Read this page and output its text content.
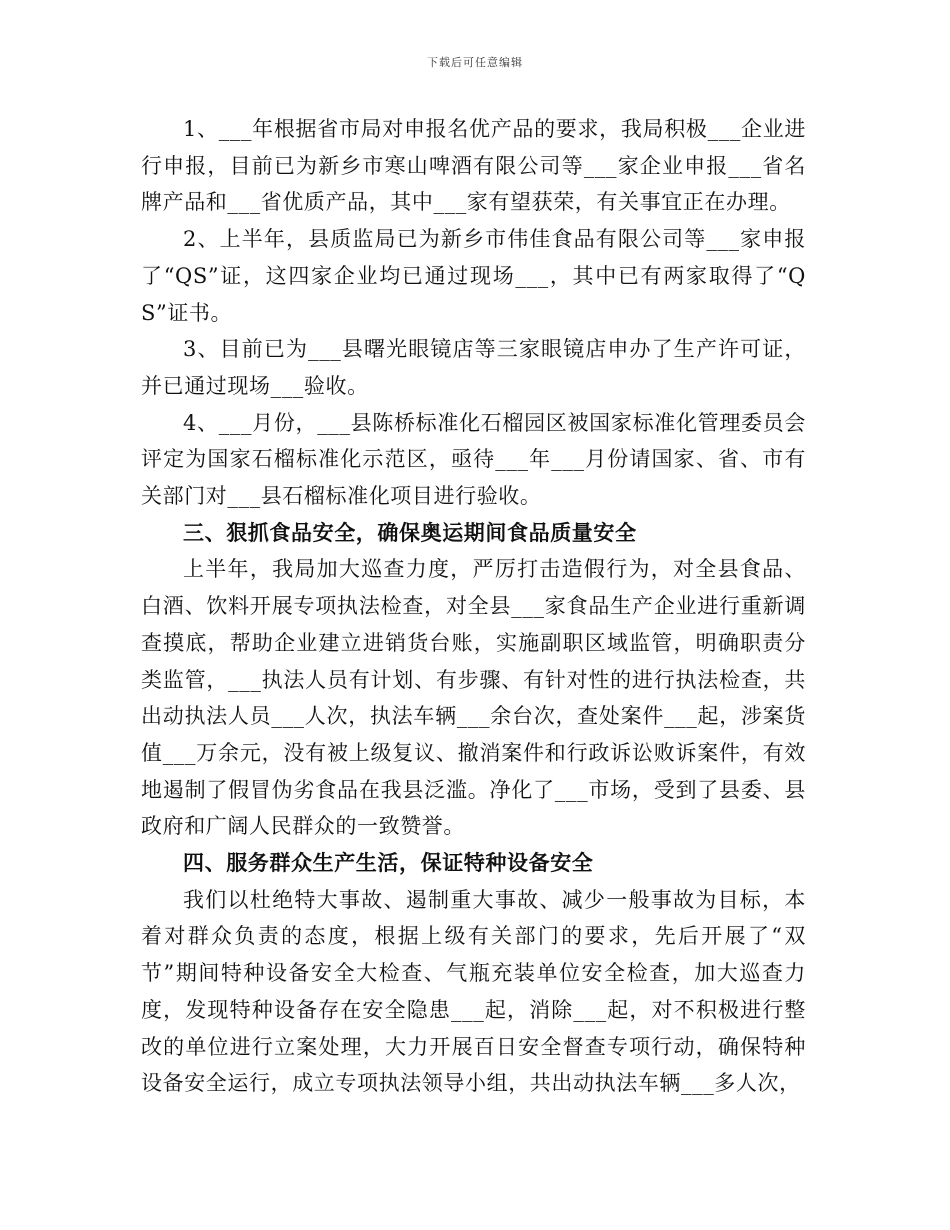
下载后可任意编辑

1、___年根据省市局对申报名优产品的要求，我局积极___企业进行申报，目前已为新乡市寒山啤酒有限公司等___家企业申报___省名牌产品和___省优质产品，其中___家有望获荣，有关事宜正在办理。

2、上半年，县质监局已为新乡市伟佳食品有限公司等___家申报了“QS”证，这四家企业均已通过现场___，其中已有两家取得了“QS”证书。

3、目前已为___县曙光眼镜店等三家眼镜店申办了生产许可证，并已通过现场___验收。

4、___月份，___县陈桥标准化石榴园区被国家标准化管理委员会评定为国家石榴标准化示范区，亟待___年___月份请国家、省、市有关部门对___县石榴标准化项目进行验收。

三、狠抓食品安全，确保奥运期间食品质量安全

上半年，我局加大巡查力度，严厉打击造假行为，对全县食品、白酒、饮料开展专项执法检查，对全县___家食品生产企业进行重新调查摸底，帮助企业建立进销货台账，实施副职区域监管，明确职责分类监管，___执法人员有计划、有步骤、有针对性的进行执法检查，共出动执法人员___人次，执法车辆___余台次，查处案件___起，涉案货值___万余元，没有被上级复议、撤消案件和行政诉讼败诉案件，有效地遏制了假冒伪劣食品在我县泛滥。净化了___市场，受到了县委、县政府和广阔人民群众的一致赞誉。

四、服务群众生产生活，保证特种设备安全

我们以杜绝特大事故、遏制重大事故、减少一般事故为目标，本着对群众负责的态度，根据上级有关部门的要求，先后开展了“双节”期间特种设备安全大检查、气瓶充装单位安全检查，加大巡查力度，发现特种设备存在安全隐患___起，消除___起，对不积极进行整改的单位进行立案处理，大力开展百日安全督查专项行动，确保特种设备安全运行，成立专项执法领导小组，共出动执法车辆___多人次，
